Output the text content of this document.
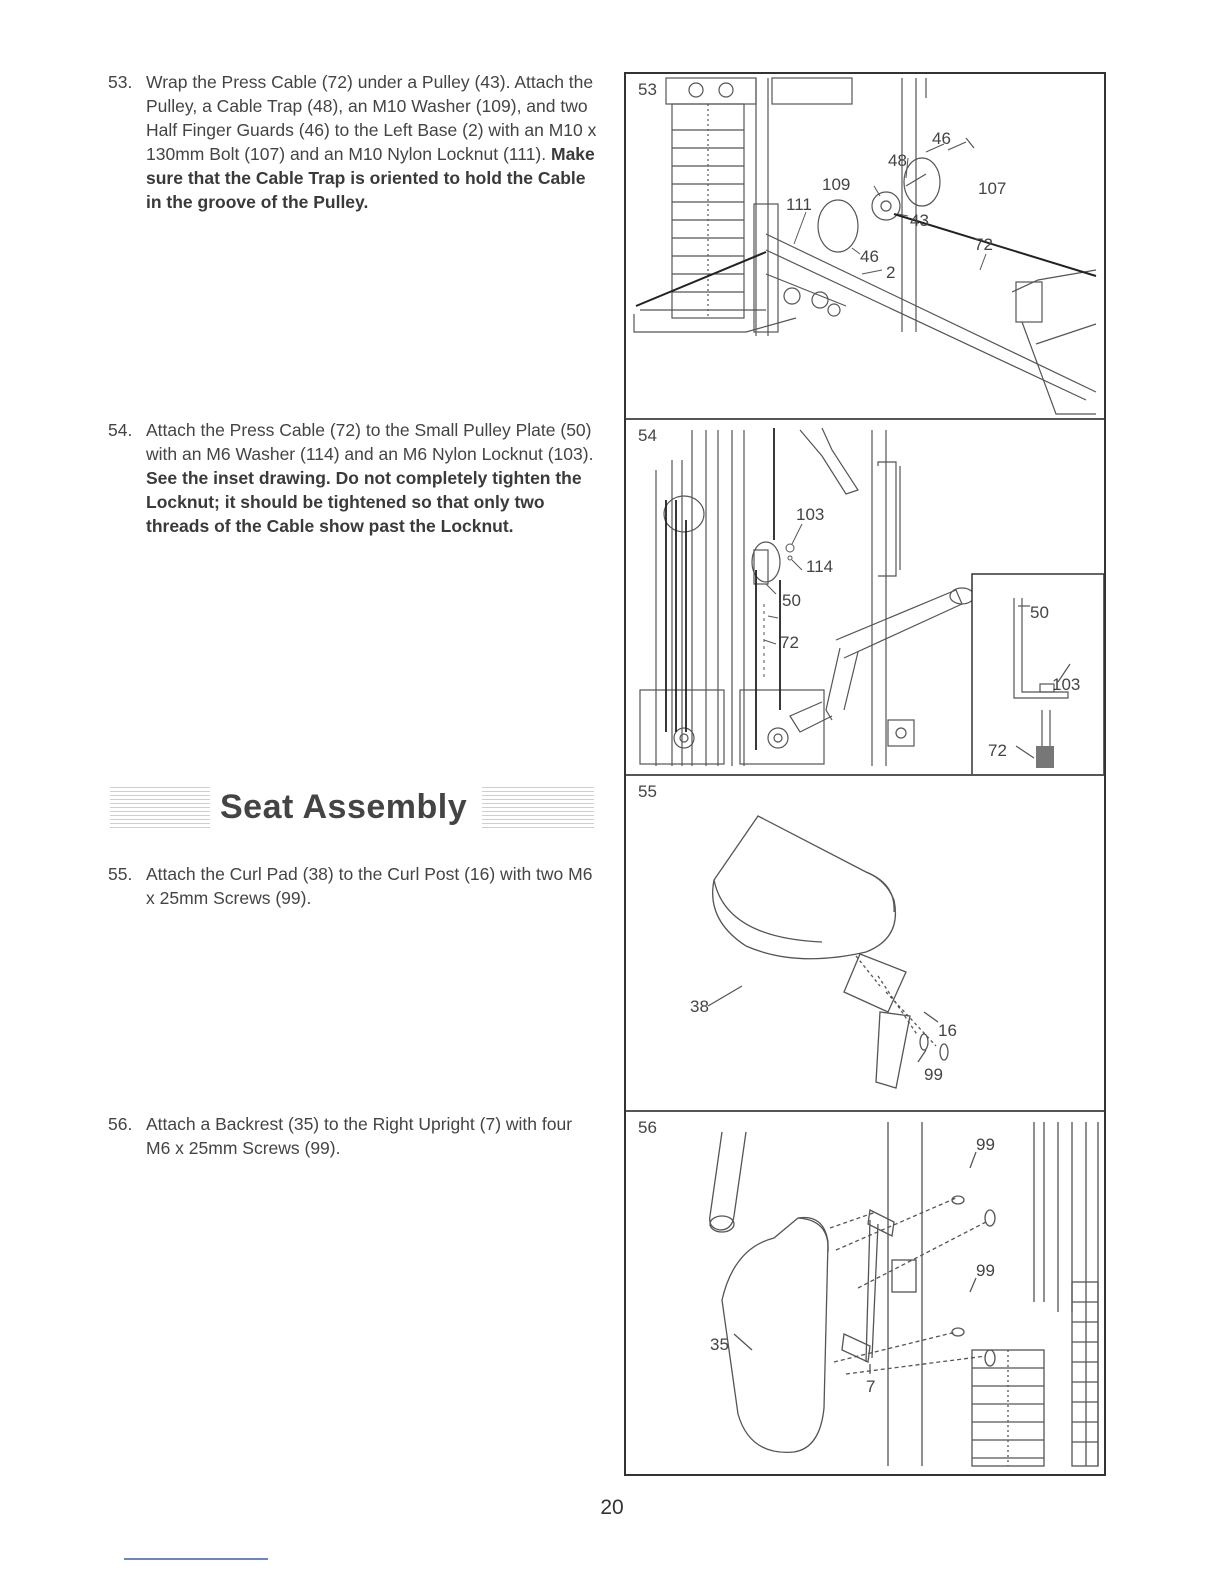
53. Wrap the Press Cable (72) under a Pulley (43). Attach the Pulley, a Cable Trap (48), an M10 Washer (109), and two Half Finger Guards (46) to the Left Base (2) with an M10 x 130mm Bolt (107) and an M10 Nylon Locknut (111). Make sure that the Cable Trap is oriented to hold the Cable in the groove of the Pulley.
54. Attach the Press Cable (72) to the Small Pulley Plate (50) with an M6 Washer (114) and an M6 Nylon Locknut (103). See the inset drawing. Do not completely tighten the Locknut; it should be tightened so that only two threads of the Cable show past the Locknut.
Seat Assembly
55. Attach the Curl Pad (38) to the Curl Post (16) with two M6 x 25mm Screws (99).
56. Attach a Backrest (35) to the Right Upright (7) with four M6 x 25mm Screws (99).
46
48
109	107
111
43
46
72
2
53
103
114
50
72
50
103
72
54
38
16
99
55
99
99
35
7
56
20
